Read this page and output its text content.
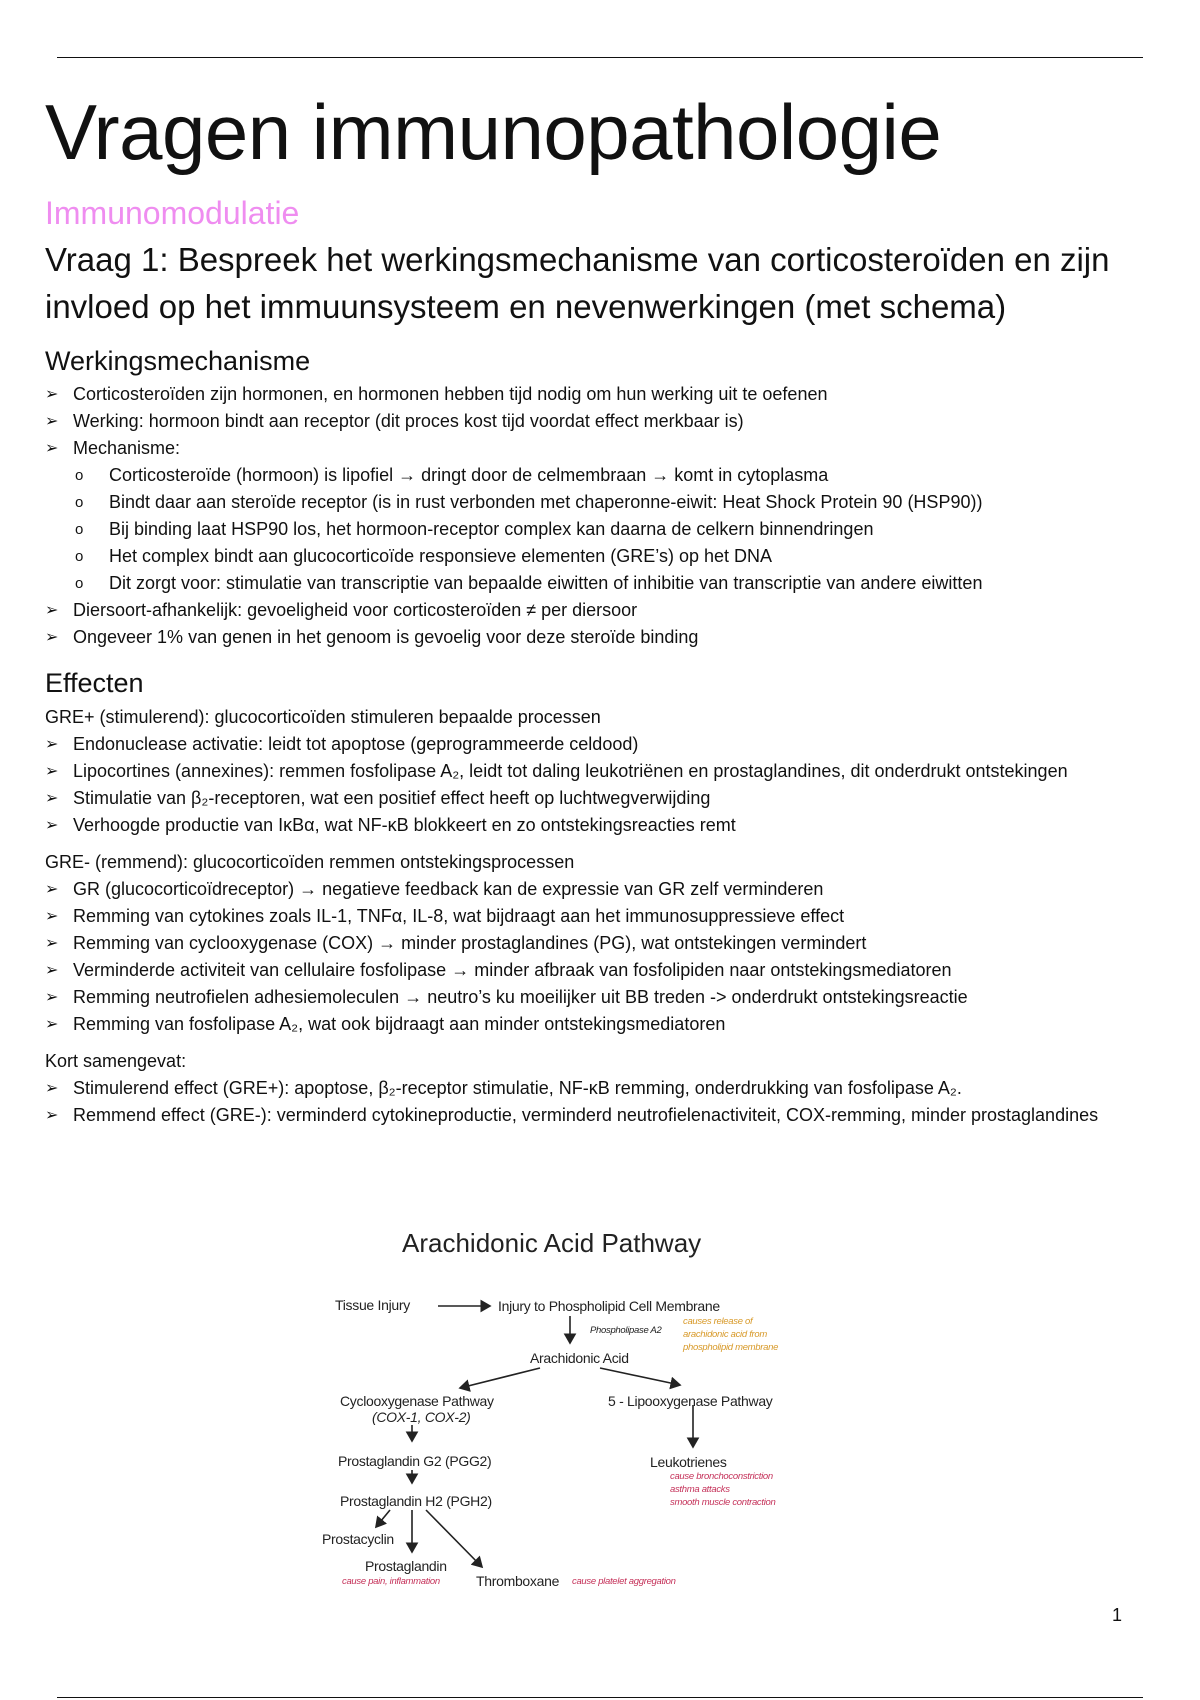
Vragen immunopathologie
Immunomodulatie
Vraag 1: Bespreek het werkingsmechanisme van corticosteroïden en zijn invloed op het immuunsysteem en nevenwerkingen (met schema)
Werkingsmechanisme
➢ Corticosteroïden zijn hormonen, en hormonen hebben tijd nodig om hun werking uit te oefenen
➢ Werking: hormoon bindt aan receptor (dit proces kost tijd voordat effect merkbaar is)
➢ Mechanisme:
o Corticosteroïde (hormoon) is lipofiel → dringt door de celmembraan → komt in cytoplasma
o Bindt daar aan steroïde receptor (is in rust verbonden met chaperonne-eiwit: Heat Shock Protein 90 (HSP90))
o Bij binding laat HSP90 los, het hormoon-receptor complex kan daarna de celkern binnendringen
o Het complex bindt aan glucocorticoïde responsieve elementen (GRE’s) op het DNA
o Dit zorgt voor: stimulatie van transcriptie van bepaalde eiwitten of inhibitie van transcriptie van andere eiwitten
➢ Diersoort-afhankelijk: gevoeligheid voor corticosteroïden ≠ per diersoor
➢ Ongeveer 1% van genen in het genoom is gevoelig voor deze steroïde binding
Effecten

GRE+ (stimulerend): glucocorticoïden stimuleren bepaalde processen

➢ Endonuclease activatie: leidt tot apoptose (geprogrammeerde celdood)
➢ Lipocortines (annexines): remmen fosfolipase A₂, leidt tot daling leukotriënen en prostaglandines, dit onderdrukt ontstekingen
➢ Stimulatie van β₂-receptoren, wat een positief effect heeft op luchtwegverwijding
➢ Verhoogde productie van IκBα, wat NF-κB blokkeert en zo ontstekingsreacties remt

GRE- (remmend): glucocorticoïden remmen ontstekingsprocessen

➢ GR (glucocorticoïdreceptor) → negatieve feedback kan de expressie van GR zelf verminderen
➢ Remming van cytokines zoals IL-1, TNFα, IL-8, wat bijdraagt aan het immunosuppressieve effect
➢ Remming van cyclooxygenase (COX) → minder prostaglandines (PG), wat ontstekingen vermindert
➢ Verminderde activiteit van cellulaire fosfolipase → minder afbraak van fosfolipiden naar ontstekingsmediatoren
➢ Remming neutrofielen adhesiemoleculen → neutro’s ku moeilijker uit BB treden -> onderdrukt ontstekingsreactie
➢ Remming van fosfolipase A₂, wat ook bijdraagt aan minder ontstekingsmediatoren

Kort samengevat:

➢ Stimulerend effect (GRE+): apoptose, β₂-receptor stimulatie, NF-κB remming, onderdrukking van fosfolipase A₂.
➢ Remmend effect (GRE-): verminderd cytokineproductie, verminderd neutrofielenactiviteit, COX-remming, minder prostaglandines
Arachidonic Acid Pathway
Tissue Injury	Injury to Phospholipid Cell Membrane
Phospholipase A2
causes release of
arachidonic acid from
phospholipid membrane
Arachidonic Acid
Cyclooxygenase Pathway
(COX-1, COX-2)
5 - Lipooxygenase Pathway
Prostaglandin G2 (PGG2)	Leukotrienes
cause bronchoconstriction
asthma attacks
smooth muscle contraction
Prostaglandin H2 (PGH2)
Prostacyclin
Prostaglandin
cause pain, inflammation	Thromboxane cause platelet aggregation
1
